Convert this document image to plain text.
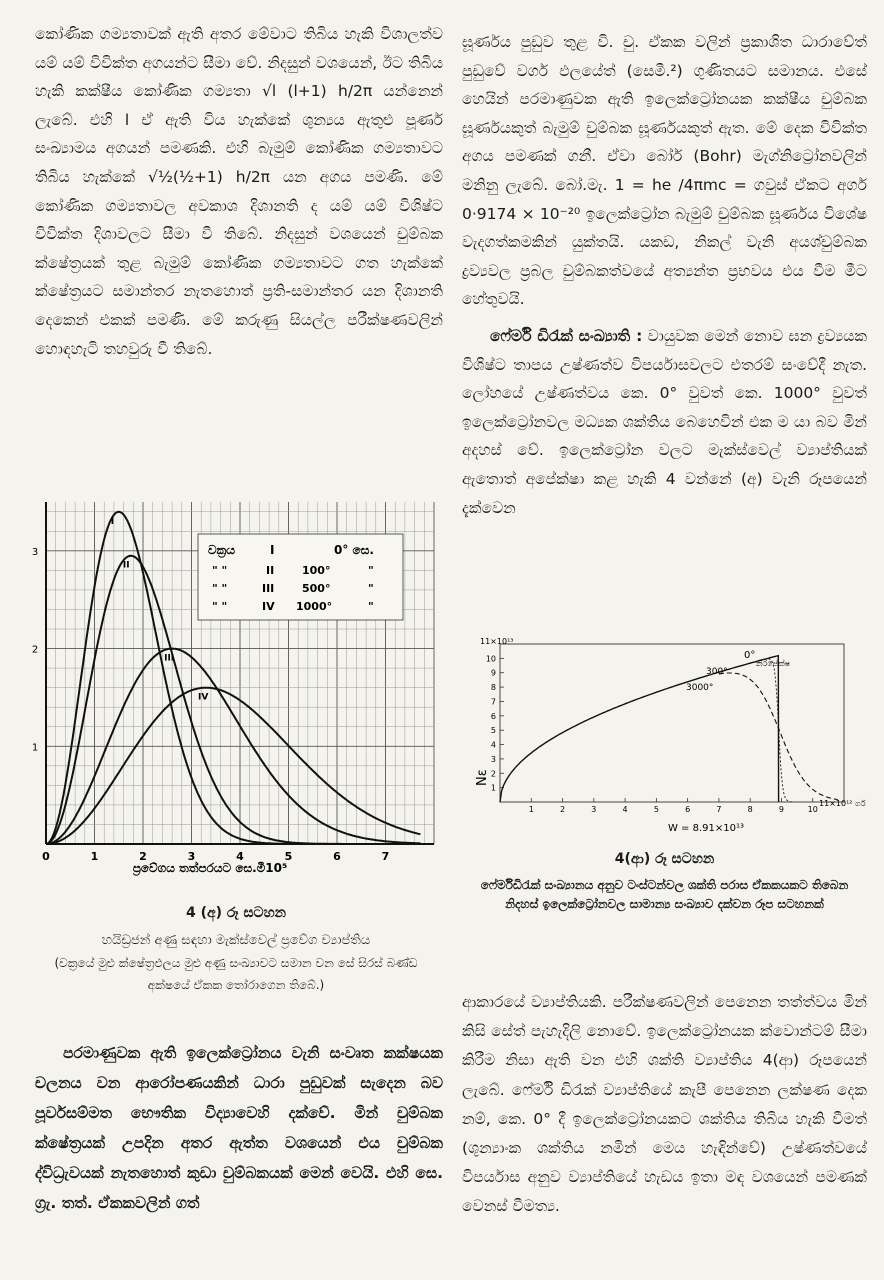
කෝණික ගම්‍යතාවක් ඇති අතර මේවාට තිබිය හැකි විශාලත්ව යම් යම් විවික්ත අගයන්ට සීමා වේ. නිදසුන් වශයෙන්, ඊට තිබිය හැකි කක්ෂීය කෝණික ගම්‍යතා √l (l+1) h/2π යන්නෙන් ලැබේ. එහි l ඒ ඇති විය හැක්කේ ශුන්‍යය ඇතුළු පූර්ණ සංඛ්‍යාමය අගයන් පමණකි. එහි බැමුම් කෝණික ගම්‍යතාවට තිබිය හැක්කේ √½(½+1) h/2π යන අගය පමණි. මේ කෝණික ගම්‍යතාවල අවකාශ දිශානති ද යම් යම් විශිෂ්ට විවික්ත දිශාවලට සීමා වී තිබේ. නිදසුන් වශයෙන් චුම්බක ක්ෂේත්‍රයක් තුළ බැමුම් කෝණික ගම්‍යතාවට ගත හැක්කේ ක්ෂේත්‍රයට සමාන්තර නැතහොත් ප්‍රති-සමාන්තර යන දිශානති දෙකෙන් එකක් පමණි. මේ කරුණු සියල්ල පරීක්ෂණවලින් හොඳහැටි තහවුරු වී තිබේ.

I
II
III
IV
0	1	2	3	4	5	6	7
1
2
3	වක්‍රය	I	0° සෙ.
" "	II	100°	"
" "	III	500°	"
" "	IV 1000°	"
ප්‍රවේගය තත්පරයට සෙ.මී10⁵
4 (අ) රූ සටහන
හයිඩ්‍රජන් අණු සඳහා මැක්ස්වෙල් ප්‍රවේග ව්‍යාප්තිය
(වක්‍රයේ මුළු ක්ෂේත්‍රඵලය මුළු අණු සංඛ්‍යාවට සමාන වන සේ සිරස් බණ්ඩ අක්ෂයේ ඒකක තෝරාගෙන තිබේ.)

පරමාණුවක ඇති ඉලෙක්ට්‍රෝනය වැනි සංවෘත කක්ෂයක චලනය වන ආරෝපණයකින් ධාරා පුඩුවක් සැදෙන බව පූර්වසම්මත භෞතික විද්‍යාවෙහි දක්වේ. මින් චුම්බක ක්ෂේත්‍රයක් උපදින අතර ඇත්ත වශයෙන් එය චුම්බක ද්විධ්‍රැවයක් නැතහොත් කුඩා චුම්බකයක් මෙන් වෙයි. එහි සෙ. ග්‍රැ. තත්. ඒකකවලින් ගත්

ඝූර්ණය පුඩුව තුළ වි. චු. ඒකක වලින් ප්‍රකාශිත ධාරාවේත් පුඩුවේ වර්ග ඵලයේත් (සෙමී.²) ගුණිතයට සමානය. එසේ හෙයින් පරමාණුවක ඇති ඉලෙක්ට්‍රෝනයක කක්ෂීය චුම්බක ඝූර්ණයකුත් බැමුම් චුම්බක ඝූර්ණයකුත් ඇත. මේ දෙක විවික්ත අගය පමණක් ගනී. ඒවා බෝර් (Bohr) මැග්නිට්‍රෝනවලින් මනිනු ලැබේ. බෝ.මැ. 1 = he /4πmc = ගවුස් ඒකට අර්ග 0·9174 × 10⁻²⁰ ඉලෙක්ට්‍රෝන බැමුම් චුම්බක ඝූර්ණය විශේෂ වැදගත්කමකින් යුක්තයි. යකඩ, නිකල් වැනි අයශ්චුම්බක ද්‍රව්‍යවල ප්‍රබල චුම්බකත්වයේ අත්‍යන්ත ප්‍රභවය එය වීම මීට හේතුවයි.

ෆේර්මි ඩිරැක් සංඛ්‍යාති : වායුවක මෙන් නොව ඝන ද්‍රව්‍යයක විශිෂ්ට තාපය උෂ්ණත්ව විපර්යාසවලට එතරම් සංවේදී නැත. ලෝහයේ උෂ්ණත්වය කෙ. 0° වුවත් කෙ. 1000° වුවත් ඉලෙක්ට්‍රෝනවල මධ්‍යක ශක්තිය බෙහෙවින් එක ම යා බව මින් අදහස් වේ. ඉලෙක්ට්‍රෝන වලට මැක්ස්වෙල් ව්‍යාප්තියක් ඇතොත් අපේක්ෂා කළ හැකි 4 වන්නේ (අ) වැනි රූපයෙන් දැක්වෙන

1
2
3
4
5
6
7
8
9
10
1	2	3	4	5	6	7	8	9	10
11×10¹³
Nε
W = 8.91×10¹³
11×10¹² ර්ග
0°
300°
3000°
නිරපේක්ෂ
4(ආ) රූ සටහන
ෆේර්මිඩිරැක් සංඛ්‍යානය අනුව ටංස්ටන්වල ශක්ති පරාස ඒකකයකට තිබෙන නිදහස් ඉලෙක්ට්‍රෝනවල සාමාන්‍ය සංඛ්‍යාව දක්වන රූප සටහනක්

ආකාරයේ ව්‍යාප්තියකි. පරීක්ෂණවලින් පෙනෙන තත්ත්වය මින් කිසි සේත් පැහැදිලි නොවේ. ඉලෙක්ට්‍රෝනයක ක්වොන්ටම් සීමා කිරීම නිසා ඇති වන එහි ශක්ති ව්‍යාප්තිය 4(ආ) රූපයෙන් ලැබේ. ෆේර්මි ඩිරැක් ව්‍යාප්තියේ කැපී පෙනෙන ලක්ෂණ දෙක නම්, කෙ. 0° දී ඉලෙක්ට්‍රෝනයකට ශක්තිය තිබිය හැකි වීමත් (ශුන්‍යාංක ශක්තිය නමින් මෙය හැඳින්වේ) උෂ්ණත්වයේ විපර්යාස අනුව ව්‍යාප්තියේ හැඩය ඉතා මඳ වශයෙන් පමණක් වෙනස් වීමත්‍ය.
